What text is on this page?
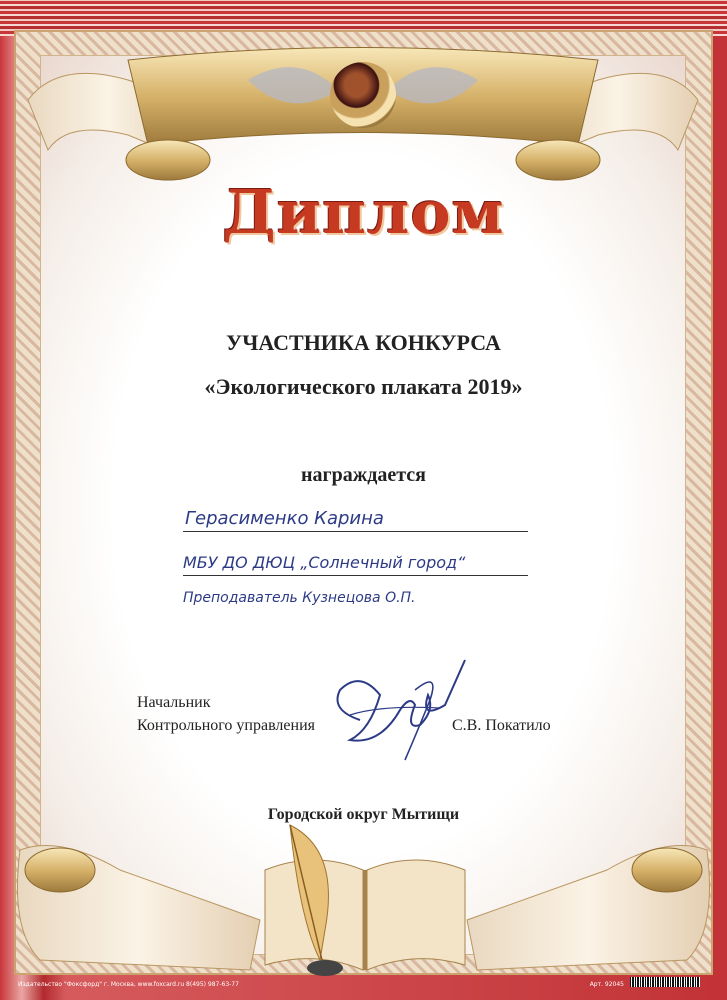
Диплом
УЧАСТНИКА КОНКУРСА
«Экологического плаката 2019»
награждается
Герасименко Карина
МБУ ДО ДЮЦ „Солнечный город“
Преподаватель Кузнецова О.П.
Начальник
Контрольного управления	С.В. Покатило
Городской округ Мытищи
Издательство "Фоксфорд" г. Москва, www.foxcard.ru 8(495) 987-63-77	Арт. 92045
